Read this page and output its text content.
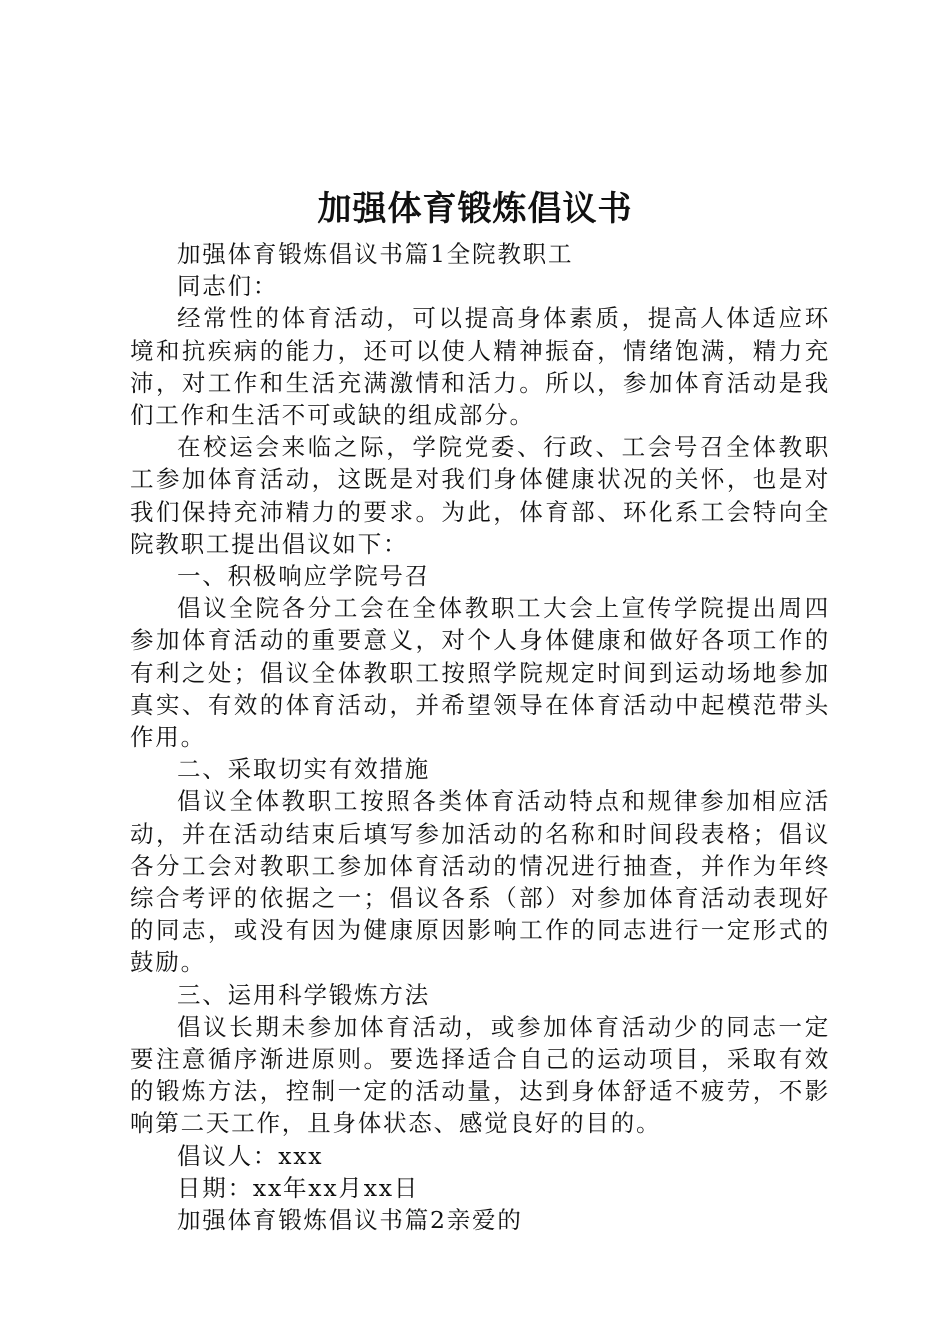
加强体育锻炼倡议书

加强体育锻炼倡议书篇1全院教职工

同志们：

经常性的体育活动，可以提高身体素质，提高人体适应环境和抗疾病的能力，还可以使人精神振奋，情绪饱满，精力充沛，对工作和生活充满激情和活力。所以，参加体育活动是我们工作和生活不可或缺的组成部分。

在校运会来临之际，学院党委、行政、工会号召全体教职工参加体育活动，这既是对我们身体健康状况的关怀，也是对我们保持充沛精力的要求。为此，体育部、环化系工会特向全院教职工提出倡议如下：

一、积极响应学院号召

倡议全院各分工会在全体教职工大会上宣传学院提出周四参加体育活动的重要意义，对个人身体健康和做好各项工作的有利之处；倡议全体教职工按照学院规定时间到运动场地参加真实、有效的体育活动，并希望领导在体育活动中起模范带头作用。

二、采取切实有效措施

倡议全体教职工按照各类体育活动特点和规律参加相应活动，并在活动结束后填写参加活动的名称和时间段表格；倡议各分工会对教职工参加体育活动的情况进行抽查，并作为年终综合考评的依据之一；倡议各系（部）对参加体育活动表现好的同志，或没有因为健康原因影响工作的同志进行一定形式的鼓励。

三、运用科学锻炼方法

倡议长期未参加体育活动，或参加体育活动少的同志一定要注意循序渐进原则。要选择适合自己的运动项目，采取有效的锻炼方法，控制一定的活动量，达到身体舒适不疲劳，不影响第二天工作，且身体状态、感觉良好的目的。

倡议人：xxx

日期：xx年xx月xx日

加强体育锻炼倡议书篇2亲爱的
